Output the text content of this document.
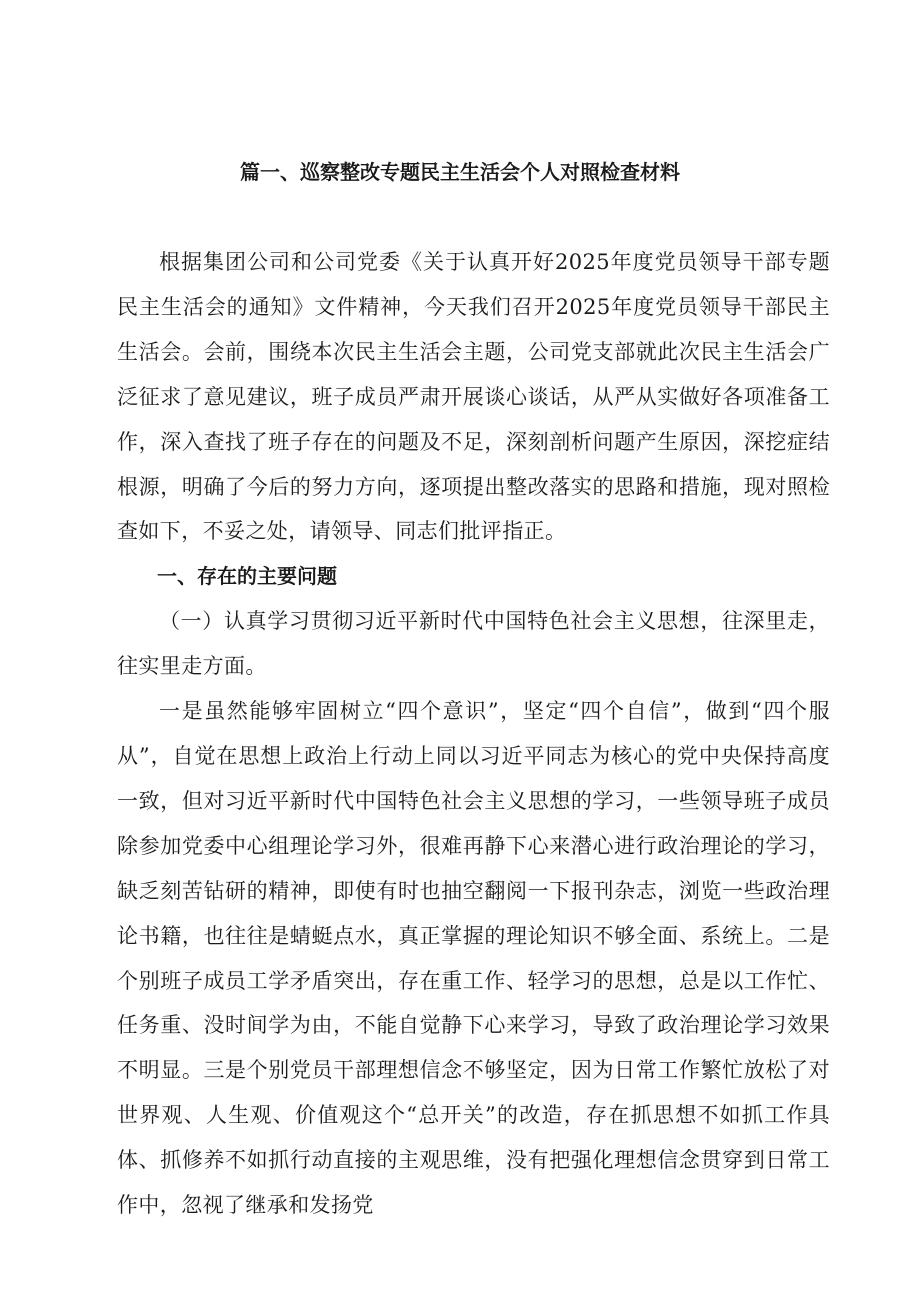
篇一、巡察整改专题民主生活会个人对照检查材料

根据集团公司和公司党委《关于认真开好2025年度党员领导干部专题民主生活会的通知》文件精神，今天我们召开2025年度党员领导干部民主生活会。会前，围绕本次民主生活会主题，公司党支部就此次民主生活会广泛征求了意见建议，班子成员严肃开展谈心谈话，从严从实做好各项准备工作，深入查找了班子存在的问题及不足，深刻剖析问题产生原因，深挖症结根源，明确了今后的努力方向，逐项提出整改落实的思路和措施，现对照检查如下，不妥之处，请领导、同志们批评指正。

一、存在的主要问题

（一）认真学习贯彻习近平新时代中国特色社会主义思想，往深里走，往实里走方面。

一是虽然能够牢固树立“四个意识”，坚定“四个自信”，做到“四个服从”，自觉在思想上政治上行动上同以习近平同志为核心的党中央保持高度一致，但对习近平新时代中国特色社会主义思想的学习，一些领导班子成员除参加党委中心组理论学习外，很难再静下心来潜心进行政治理论的学习，缺乏刻苦钻研的精神，即使有时也抽空翻阅一下报刊杂志，浏览一些政治理论书籍，也往往是蜻蜓点水，真正掌握的理论知识不够全面、系统上。二是个别班子成员工学矛盾突出，存在重工作、轻学习的思想，总是以工作忙、任务重、没时间学为由，不能自觉静下心来学习，导致了政治理论学习效果不明显。三是个别党员干部理想信念不够坚定，因为日常工作繁忙放松了对世界观、人生观、价值观这个“总开关”的改造，存在抓思想不如抓工作具体、抓修养不如抓行动直接的主观思维，没有把强化理想信念贯穿到日常工作中，忽视了继承和发扬党
